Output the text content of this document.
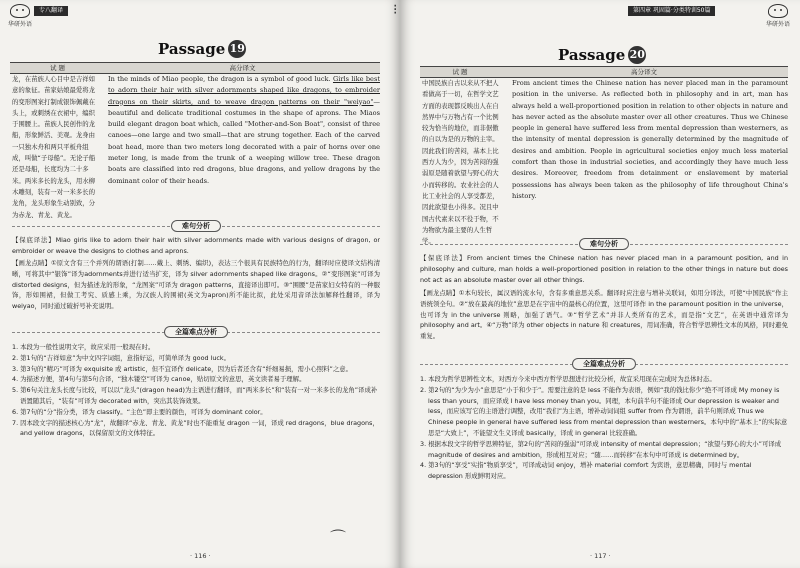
华研外语
专八翻译
Passage 19
试 题	高分译文
龙，在苗族人心目中是吉祥如意的象征。苗家姑娘最爱将龙的变形图案打制成银饰佩戴在头上，或刺绣在衣裙中，编织于围腰上。苗族人民创作的龙船，形象鲜活、美观。龙身由一只独木舟和两只平板舟组成，叫做“子母船”。无论子船还是母船，长度均为二十多米。两米多长的龙头，用水柳木雕刻，装有一对一米多长的龙角，龙头形象生动别致，分为赤龙、青龙、黄龙。
In the minds of Miao people, the dragon is a symbol of good luck. Girls like best to adorn their hair with silver adornments shaped like dragons, to embroider dragons on their skirts, and to weave dragon patterns on their "weiyao"—beautiful and delicate traditional costumes in the shape of aprons. The Miaos build elegant dragon boat which, called "Mother-and-Son Boat", consist of three canoes—one large and two small—that are strung together. Each of the carved boat head, more than two meters long decorated with a pair of horns over one meter long, is made from the trunk of a weeping willow tree. These dragon boats are classified into red dragons, blue dragons, and yellow dragons by the dominant color of their heads.
难句分析
【保底译法】Miao girls like to adorn their hair with silver adornments made with various designs of dragon, or embroider or weave the designs to clothes and aprons.
【画龙点睛】①原文含有三个并列的谓语(打制……戴上、刺绣、编织)，表达三个很具有民族特色的行为，翻译时应使译文结构清晰，可将其中“银饰”译为adornments并进行适当扩充，译为 silver adornments shaped like dragons。②“变形图案”可译为 distorted designs，但为描述龙的形象，“龙图案”可译为 dragon patterns，直接译出即可。③“围腰”是苗家妇女特有的一种服饰，形如围裙，但做工考究、质感上乘，为汉族人的围裙(英文为apron)所不能比拟，此处采用音译法加解释性翻译，译为 weiyao，同时通过破折号补充说明。
全篇难点分析
1. 本段为一般性说明文字，故应采用一般现在时。
2. 第1句的“吉祥如意”为中文四字词组，意指好运，可简单译为 good luck。
3. 第3句的“精巧”可译为 exquisite 或 artistic，但不宜译作 delicate，因为后者还含有“纤细易损，需小心照料”之意。
4. 为描述方便，第4句与第5句合译，“独木镂空”可译为 canoe，贴切原文的意思，英文读者易于理解。
5. 第6句关注龙头长度与比较，可以以“龙头”(dragon head)为主语进行翻译，而“两米多长”和“装有一对一米多长的龙角”译成补语置随其后，“装有”可译为 decorated with，突出其装饰效果。
6. 第7句的“分”指分类，译为 classify。“主色”即主要的颜色，可译为 dominant color。
7. 因本段文字的描述核心为“龙”，故翻译“赤龙、青龙、黄龙”时也不能重复 dragon 一词，译成 red dragons，blue dragons，and yellow dragons，以保留原文的文体特征。
⌒
· 116 ·
第四章 巩固篇·分类特训50篇
华研外语
Passage 20
试 题	高分译文
中国民族自古以来从不把人看做高于一切，在哲学文艺方面的表现都反映出人在自然界中与万物占有一个比例较为恰当的地位，而非倨傲的自以为是的万物的主宰。因此我们的苦闷，基本上比西方人为少，因为苦闷的强弱原是随着欲望与野心的大小而转移的。农业社会的人比工业社会的人享受都差，因此欲望也小得多。况且中国古代素来以不役于物，不为物欲为最主要的人生哲学。
From ancient times the Chinese nation has never placed man in the paramount position in the universe. As reflected both in philosophy and in art, man has always held a well-proportioned position in relation to other objects in nature and has never acted as the absolute master over all other creatures. Thus we Chinese people in general have suffered less from mental depression than westerners, as the intensity of mental depression is generally determined by the magnitude of desires and ambition. People in agricultural societies enjoy much less material comfort than those in industrial societies, and accordingly they have much less desires. Moreover, freedom from detainment or enslavement by material possessions has always been taken as the philosophy of life throughout China's history.
难句分析
【保底译法】From ancient times the Chinese nation has never placed man in a paramount position, and in philosophy and culture, man holds a well-proportioned position in relation to the other things in nature but does not act as an absolute master over all other things.
【画龙点睛】①本句较长，属汉语的流水句，含有多重意思关系。翻译时应注意与增补关联词，如用分译法，可使“中国民族”作主语统领全句。②“放在最高的地位”意思是在宇宙中的最核心的位置，这里可译作 in the paramount position in the universe，也可译为 in the universe 则略，加强了语气。③“哲学艺术”并非人类所有的艺术，而是指“文艺”，在英语中通常译为 philosophy and art。④“万物”译为 other objects in nature 和 creatures，用词准确，符合哲学思辨性文本的风格，同时避免重复。
全篇难点分析
1. 本段为哲学思辨性文本，对西方今来中西方哲学思想进行比较分析，故宜采用现在完成时为总体时态。
2. 第2句的“为少为小”意思是“小于和少于”。需要注意的是 less 不能作为表语，例如“我的钱比你少”绝不可译成 My money is less than yours，而应译成 I have less money than you。同理，本句前半句不能译成 Our depression is weaker and less，而应该写它的主语进行调整，改用“我们”为主语，增补动词词组 suffer from 作为谓语，前半句则译成 Thus we Chinese people in general have suffered less from mental depression than westerners。本句中的“基本上”的实际意思是“大致上”，不能望文生义译成 basically，译成 in general 比较准确。
3. 根据本段文字的哲学思辨特征，第2句的“苦闷的强弱”可译成 intensity of mental depression；“欲望与野心的大小”可译成 magnitude of desires and ambition，形成相互对应；“随……而转移”在本句中可译成 is determined by。
4. 第3句的“享受”实指“物质享受”，可译成动词 enjoy，增补 material comfort 为宾语，意思精确，同时与 mental depression 形成鲜明对应。
· 117 ·
⁝
